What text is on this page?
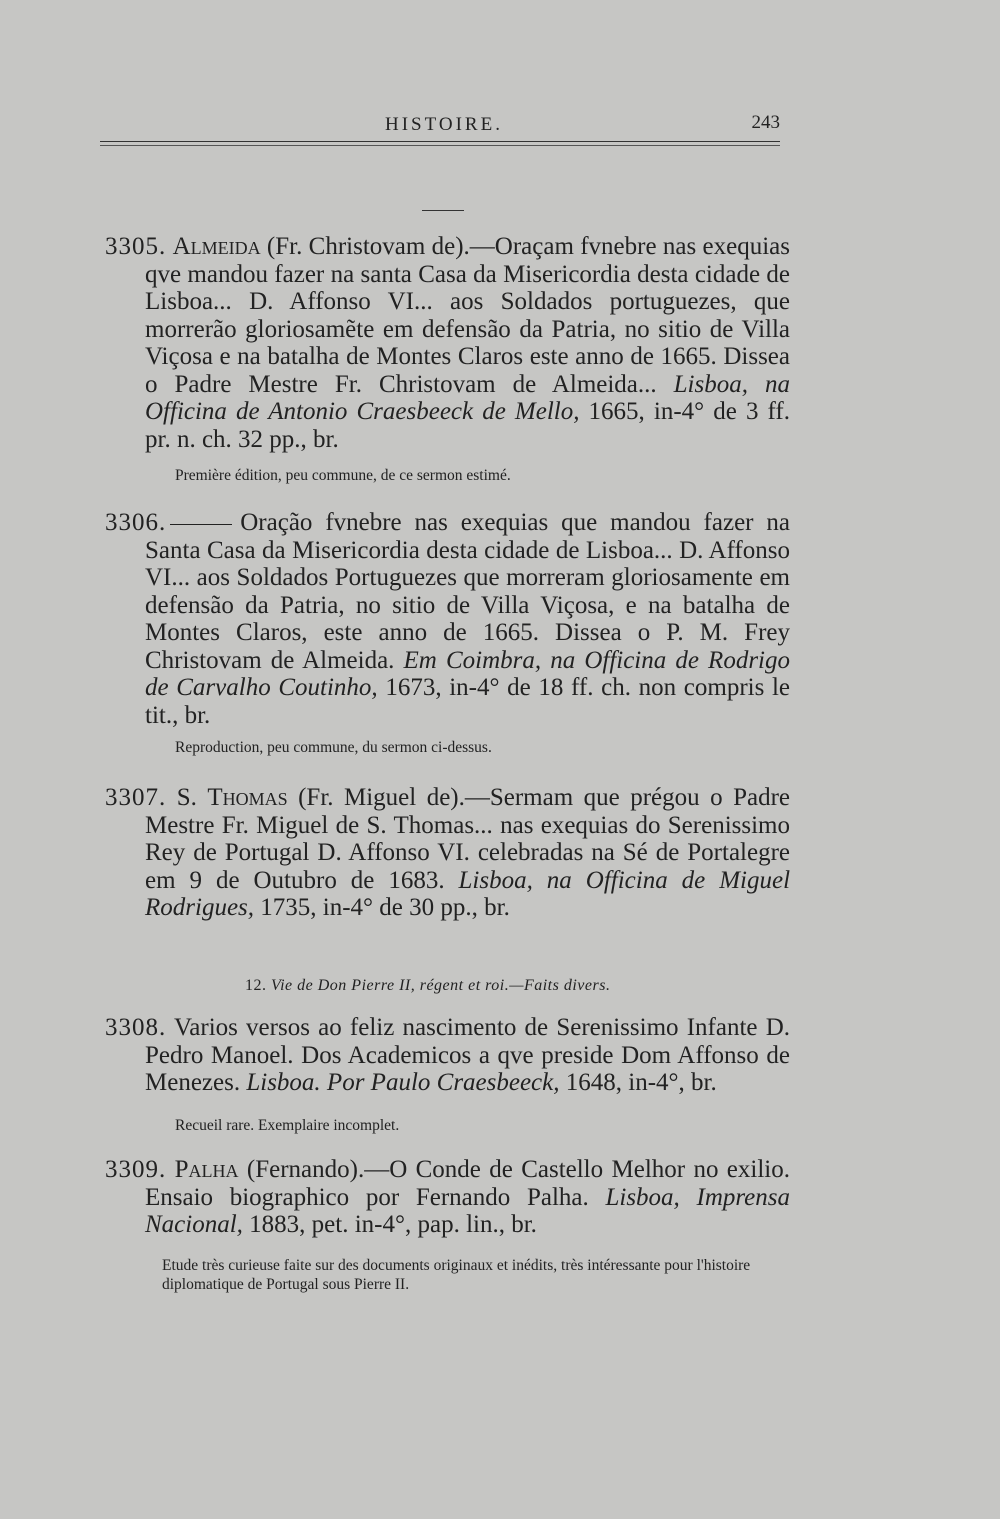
HISTOIRE.	243

3305. Almeida (Fr. Christovam de).—Oraçam fvnebre nas exequias qve mandou fazer na santa Casa da Misericordia desta cidade de Lisboa... D. Affonso VI... aos Soldados portuguezes, que morrerão gloriosamẽte em defensão da Patria, no sitio de Villa Viçosa e na batalha de Montes Claros este anno de 1665. Dissea o Padre Mestre Fr. Christovam de Almeida... Lisboa, na Officina de Antonio Craesbeeck de Mello, 1665, in-4° de 3 ff. pr. n. ch. 32 pp., br.

Première édition, peu commune, de ce sermon estimé.

3306.	Oração fvnebre nas exequias que mandou fazer na Santa Casa da Misericordia desta cidade de Lisboa... D. Affonso VI... aos Soldados Portuguezes que morreram gloriosamente em defensão da Patria, no sitio de Villa Viçosa, e na batalha de Montes Claros, este anno de 1665. Dissea o P. M. Frey Christovam de Almeida. Em Coimbra, na Officina de Rodrigo de Carvalho Coutinho, 1673, in-4° de 18 ff. ch. non compris le tit., br.

Reproduction, peu commune, du sermon ci-dessus.

3307. S. Thomas (Fr. Miguel de).—Sermam que prégou o Padre Mestre Fr. Miguel de S. Thomas... nas exequias do Serenissimo Rey de Portugal D. Affonso VI. celebradas na Sé de Portalegre em 9 de Outubro de 1683. Lisboa, na Officina de Miguel Rodrigues, 1735, in-4° de 30 pp., br.

12. Vie de Don Pierre II, régent et roi.—Faits divers.

3308. Varios versos ao feliz nascimento de Serenissimo Infante D. Pedro Manoel. Dos Academicos a qve preside Dom Affonso de Menezes. Lisboa. Por Paulo Craesbeeck, 1648, in-4°, br.

Recueil rare. Exemplaire incomplet.

3309. Palha (Fernando).—O Conde de Castello Melhor no exilio. Ensaio biographico por Fernando Palha. Lisboa, Imprensa Nacional, 1883, pet. in-4°, pap. lin., br.

Etude très curieuse faite sur des documents originaux et inédits, très intéressante pour l'histoire diplomatique de Portugal sous Pierre II.
